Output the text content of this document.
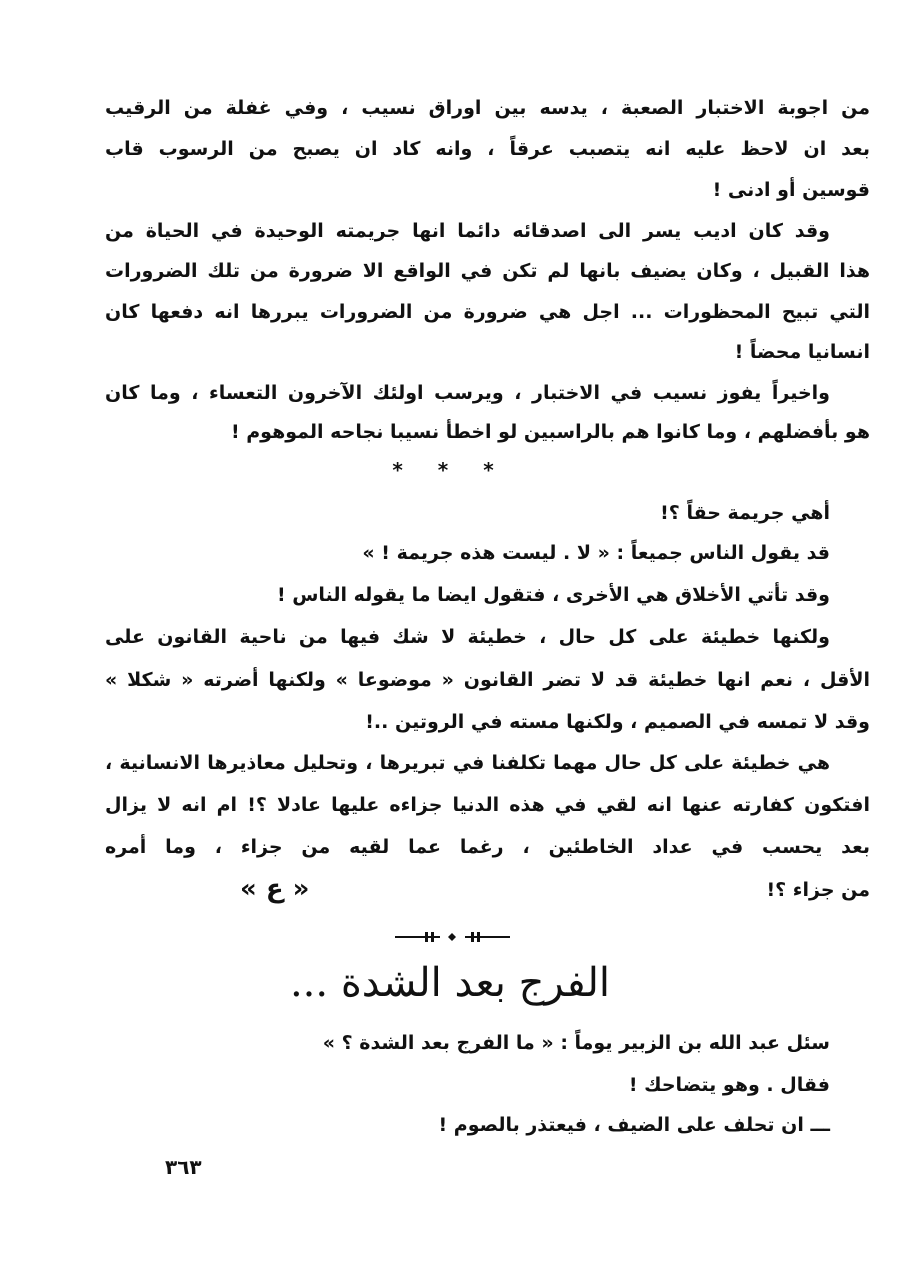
من اجوبة الاختبار الصعبة ، يدسه بين اوراق نسيب ، وفي غفلة من الرقيب
بعد ان لاحظ عليه انه يتصبب عرقاً ، وانه كاد ان يصبح من الرسوب قاب
قوسين أو ادنى !
وقد كان اديب يسر الى اصدقائه دائما انها جريمته الوحيدة في الحياة من
هذا القبيل ، وكان يضيف بانها لم تكن في الواقع الا ضرورة من تلك الضرورات
التي تبيح المحظورات ... اجل هي ضرورة من الضرورات يبررها انه دفعها كان
انسانيا محضاً !
واخيراً يفوز نسيب في الاختبار ، ويرسب اولئك الآخرون التعساء ، وما كان
هو بأفضلهم ، وما كانوا هم بالراسبين لو اخطأ نسيبا نجاحه الموهوم !
* * *
أهي جريمة حقاً ؟!
قد يقول الناس جميعاً : « لا . ليست هذه جريمة ! »
وقد تأتي الأخلاق هي الأخرى ، فتقول ايضا ما يقوله الناس !
ولكنها خطيئة على كل حال ، خطيئة لا شك فيها من ناحية القانون على
الأقل ، نعم انها خطيئة قد لا تضر القانون « موضوعا » ولكنها أضرته « شكلا »
وقد لا تمسه في الصميم ، ولكنها مسته في الروتين ..!
هي خطيئة على كل حال مهما تكلفنا في تبريرها ، وتحليل معاذيرها الانسانية ،
افتكون كفارته عنها انه لقي في هذه الدنيا جزاءه عليها عادلا ؟! ام انه لا يزال
بعد يحسب في عداد الخاطئين ، رغما عما لقيه من جزاء ، وما أمره
من جزاء ؟!
« ع »
الفرج بعد الشدة ...
سئل عبد الله بن الزبير يوماً : « ما الفرج بعد الشدة ؟ »
فقال . وهو يتضاحك !
ـــ ان تحلف على الضيف ، فيعتذر بالصوم !
٣٦٣
